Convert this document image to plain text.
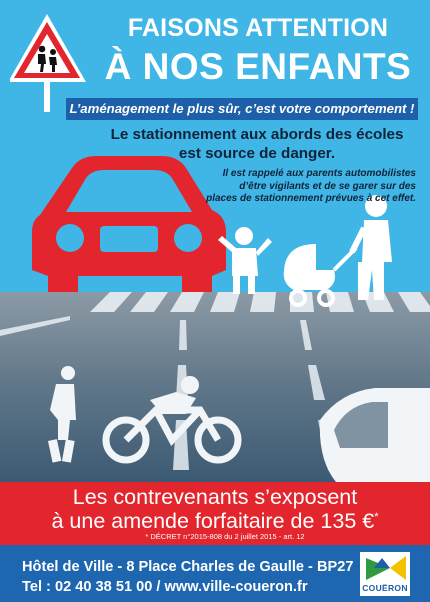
FAISONS ATTENTION
À NOS ENFANTS
L’aménagement le plus sûr, c’est votre comportement !
Le stationnement aux abords des écoles
est source de danger.
Il est rappelé aux parents automobilistes
d’être vigilants et de se garer sur des
places de stationnement prévues à cet effet.
Les contrevenants s’exposent
à une amende forfaitaire de 135 €*
* DÉCRET n°2015-808 du 2 juillet 2015 - art. 12
Hôtel de Ville - 8 Place Charles de Gaulle - BP27
Tel : 02 40 38 51 00 / www.ville-coueron.fr	COUËRON
